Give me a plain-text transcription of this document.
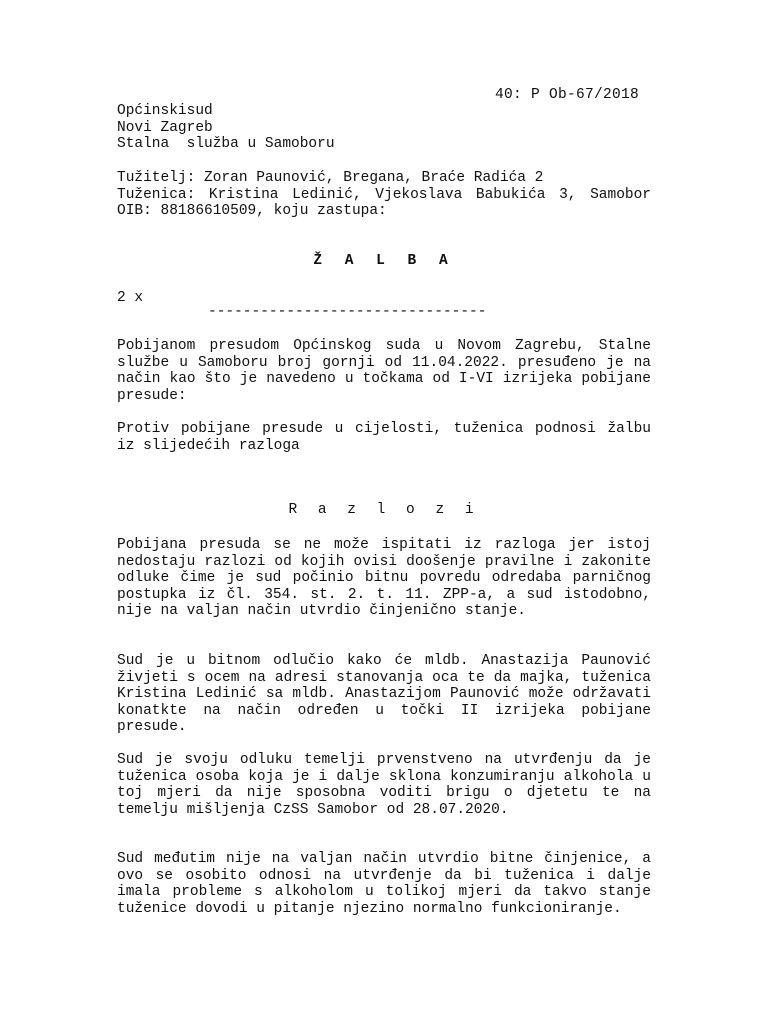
40: P Ob-67/2018
Općinskisud
Novi Zagreb
Stalna  služba u Samoboru
Tužitelj: Zoran Paunović, Bregana, Braće Radića 2
Tuženica: Kristina Ledinić, Vjekoslava Babukića 3, Samobor OIB: 88186610509, koju zastupa:
Ž A L B A
2 x
--------------------------------
Pobijanom presudom Općinskog suda u Novom Zagrebu, Stalne službe u Samoboru broj gornji od 11.04.2022. presuđeno je na način kao što je navedeno u točkama od I-VI izrijeka pobijane presude:
Protiv pobijane presude u cijelosti, tuženica podnosi žalbu iz slijedećih razloga
R a z l o z i
Pobijana presuda se ne može ispitati iz razloga jer istoj nedostaju razlozi od kojih ovisi doošenje pravilne i zakonite odluke čime je sud počinio bitnu povredu odredaba parničnog postupka iz čl. 354. st. 2. t. 11. ZPP-a, a sud istodobno, nije na valjan način utvrdio činjenično stanje.
Sud je u bitnom odlučio kako će mldb. Anastazija Paunović živjeti s ocem na adresi stanovanja oca te da majka, tuženica Kristina Ledinić sa mldb. Anastazijom Paunović može održavati konatkte na način određen u točki II izrijeka pobijane presude.
Sud je svoju odluku temelji prvenstveno na utvrđenju da je tuženica osoba koja je i dalje sklona konzumiranju alkohola u toj mjeri da nije sposobna voditi brigu o djetetu te na temelju mišljenja CzSS Samobor od 28.07.2020.
Sud međutim nije na valjan način utvrdio bitne činjenice, a ovo se osobito odnosi na utvrđenje da bi tuženica i dalje imala probleme s alkoholom u tolikoj mjeri da takvo stanje tuženice dovodi u pitanje njezino normalno funkcioniranje.
